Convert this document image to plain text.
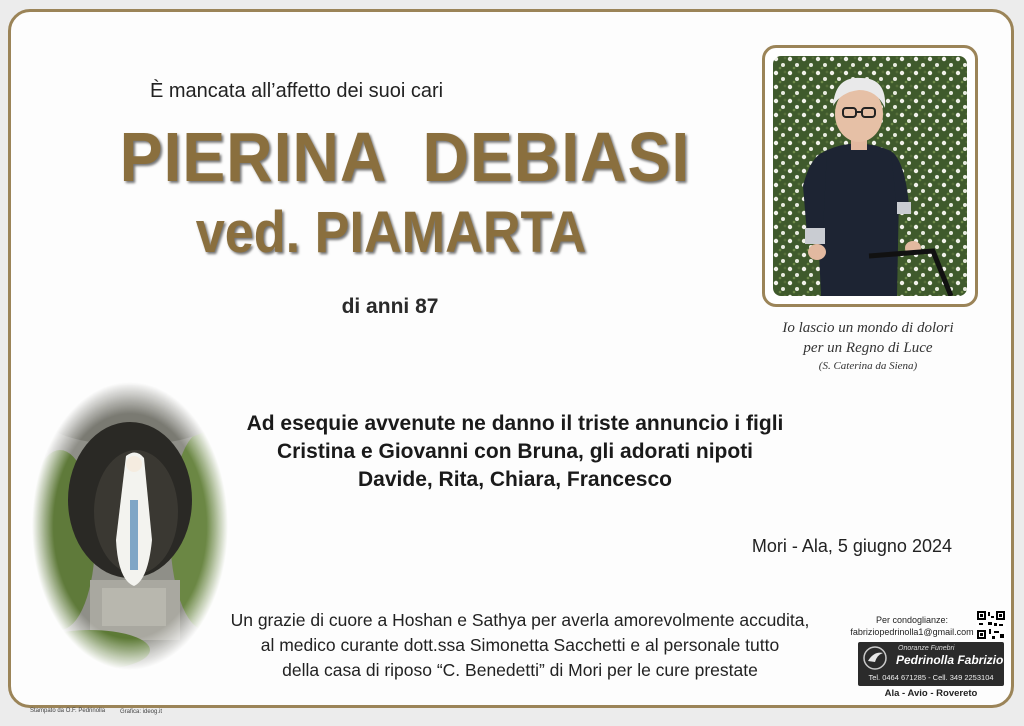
È mancata all’affetto dei suoi cari
PIERINA  DEBIASI
ved. PIAMARTA
di anni 87
Io lascio un mondo di dolori
per un Regno di Luce
(S. Caterina da Siena)
Ad esequie avvenute ne danno il triste annuncio i figli
Cristina e Giovanni con Bruna, gli adorati nipoti
Davide, Rita, Chiara, Francesco
Mori - Ala, 5 giugno 2024
Un grazie di cuore a Hoshan e Sathya per averla amorevolmente accudita,
al medico curante dott.ssa Simonetta Sacchetti e al personale tutto
della casa di riposo “C. Benedetti” di Mori per le cure prestate
Per condoglianze:
fabriziopedrinolla1@gmail.com
Onoranze Funebri
Pedrinolla Fabrizio
Tel. 0464 671285 - Cell. 349 2253104
Ala - Avio - Rovereto
Stampato da O.F. Pedrinolla Grafica: ideog.it
